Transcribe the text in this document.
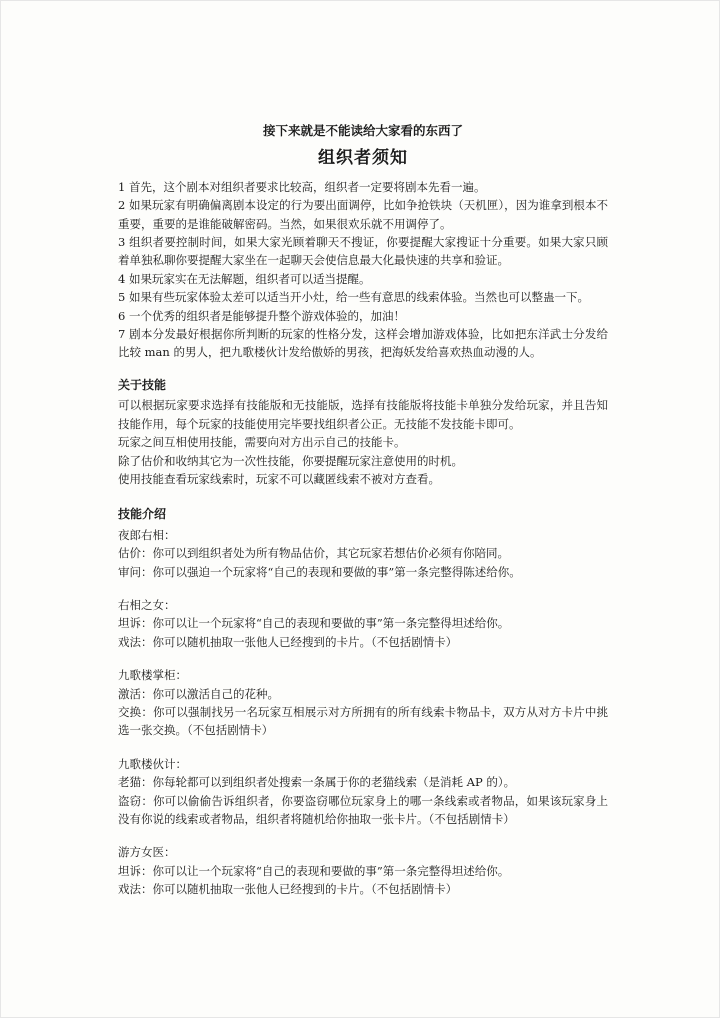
接下来就是不能读给大家看的东西了
组织者须知

1 首先，这个剧本对组织者要求比较高，组织者一定要将剧本先看一遍。

2 如果玩家有明确偏离剧本设定的行为要出面调停，比如争抢铁块（天机匣），因为谁拿到根本不重要，重要的是谁能破解密码。当然，如果很欢乐就不用调停了。

3 组织者要控制时间，如果大家光顾着聊天不搜证，你要提醒大家搜证十分重要。如果大家只顾着单独私聊你要提醒大家坐在一起聊天会使信息最大化最快速的共享和验证。

4 如果玩家实在无法解题，组织者可以适当提醒。

5 如果有些玩家体验太差可以适当开小灶，给一些有意思的线索体验。当然也可以整蛊一下。

6 一个优秀的组织者是能够提升整个游戏体验的，加油！

7 剧本分发最好根据你所判断的玩家的性格分发，这样会增加游戏体验，比如把东洋武士分发给比较 man 的男人，把九歌楼伙计发给傲娇的男孩，把海妖发给喜欢热血动漫的人。

关于技能

可以根据玩家要求选择有技能版和无技能版，选择有技能版将技能卡单独分发给玩家，并且告知技能作用，每个玩家的技能使用完毕要找组织者公正。无技能不发技能卡即可。

玩家之间互相使用技能，需要向对方出示自己的技能卡。

除了估价和收纳其它为一次性技能，你要提醒玩家注意使用的时机。

使用技能查看玩家线索时，玩家不可以藏匿线索不被对方查看。

技能介绍

夜郎右相：

估价：你可以到组织者处为所有物品估价，其它玩家若想估价必须有你陪同。

审问：你可以强迫一个玩家将“自己的表现和要做的事”第一条完整得陈述给你。

右相之女：

坦诉：你可以让一个玩家将“自己的表现和要做的事”第一条完整得坦述给你。

戏法：你可以随机抽取一张他人已经搜到的卡片。（不包括剧情卡）

九歌楼掌柜：

激活：你可以激活自己的花种。

交换：你可以强制找另一名玩家互相展示对方所拥有的所有线索卡物品卡，双方从对方卡片中挑选一张交换。（不包括剧情卡）

九歌楼伙计：

老猫：你每轮都可以到组织者处搜索一条属于你的老猫线索（是消耗 AP 的）。

盗窃：你可以偷偷告诉组织者，你要盗窃哪位玩家身上的哪一条线索或者物品，如果该玩家身上没有你说的线索或者物品，组织者将随机给你抽取一张卡片。（不包括剧情卡）

游方女医：

坦诉：你可以让一个玩家将“自己的表现和要做的事”第一条完整得坦述给你。

戏法：你可以随机抽取一张他人已经搜到的卡片。（不包括剧情卡）
